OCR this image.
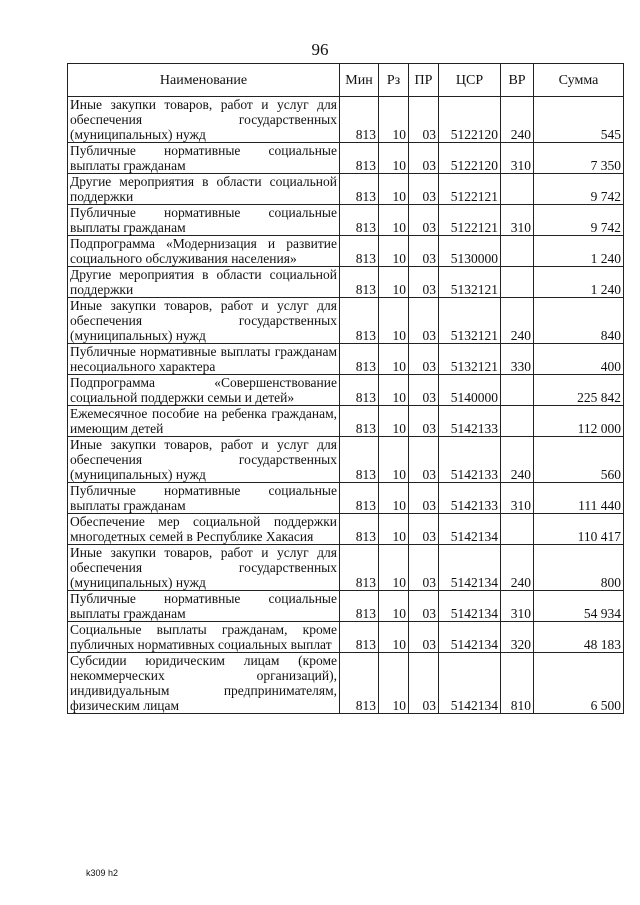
96
Наименование	Мин	Рз	ПР	ЦСР	ВР	Сумма
Иные закупки товаров, работ и услуг для обеспечения государственных (муниципальных) нужд	813	10	03	5122120	240	545
Публичные нормативные социальные выплаты гражданам	813	10	03	5122120	310	7 350
Другие мероприятия в области социальной поддержки	813	10	03	5122121		9 742
Публичные нормативные социальные выплаты гражданам	813	10	03	5122121	310	9 742
Подпрограмма «Модернизация и развитие социального обслуживания населения»	813	10	03	5130000		1 240
Другие мероприятия в области социальной поддержки	813	10	03	5132121		1 240
Иные закупки товаров, работ и услуг для обеспечения государственных (муниципальных) нужд	813	10	03	5132121	240	840
Публичные нормативные выплаты гражданам несоциального характера	813	10	03	5132121	330	400
Подпрограмма «Совершенствование социальной поддержки семьи и детей»	813	10	03	5140000		225 842
Ежемесячное пособие на ребенка гражданам, имеющим детей	813	10	03	5142133		112 000
Иные закупки товаров, работ и услуг для обеспечения государственных (муниципальных) нужд	813	10	03	5142133	240	560
Публичные нормативные социальные выплаты гражданам	813	10	03	5142133	310	111 440
Обеспечение мер социальной поддержки многодетных семей в Республике Хакасия	813	10	03	5142134		110 417
Иные закупки товаров, работ и услуг для обеспечения государственных (муниципальных) нужд	813	10	03	5142134	240	800
Публичные нормативные социальные выплаты гражданам	813	10	03	5142134	310	54 934
Социальные выплаты гражданам, кроме публичных нормативных социальных выплат	813	10	03	5142134	320	48 183
Субсидии юридическим лицам (кроме некоммерческих организаций), индивидуальным предпринимателям, физическим лицам	813	10	03	5142134	810	6 500
k309 h2
